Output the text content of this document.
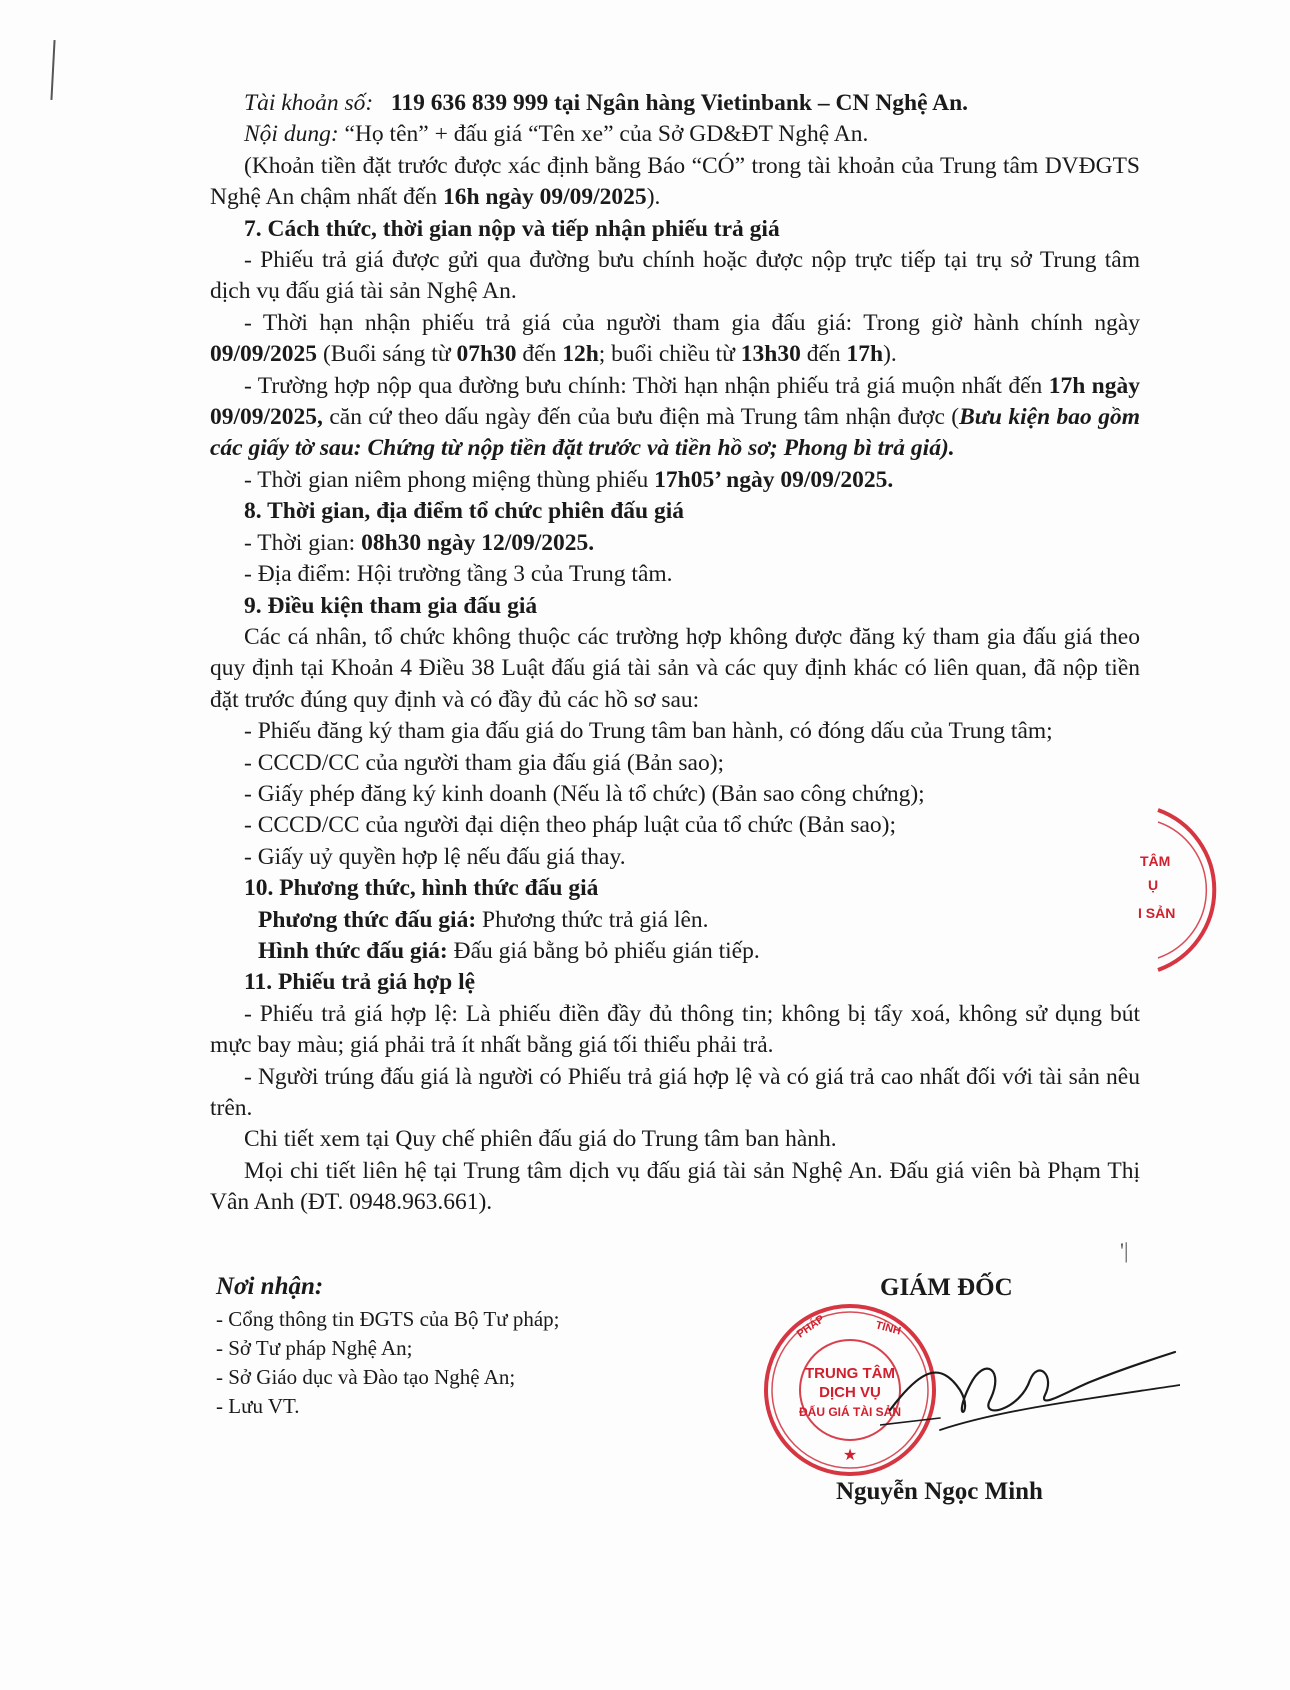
Tài khoản số: 119 636 839 999 tại Ngân hàng Vietinbank – CN Nghệ An.

Nội dung: “Họ tên” + đấu giá “Tên xe” của Sở GD&ĐT Nghệ An.

(Khoản tiền đặt trước được xác định bằng Báo “CÓ” trong tài khoản của Trung tâm DVĐGTS Nghệ An chậm nhất đến 16h ngày 09/09/2025).

7. Cách thức, thời gian nộp và tiếp nhận phiếu trả giá

- Phiếu trả giá được gửi qua đường bưu chính hoặc được nộp trực tiếp tại trụ sở Trung tâm dịch vụ đấu giá tài sản Nghệ An.

- Thời hạn nhận phiếu trả giá của người tham gia đấu giá: Trong giờ hành chính ngày 09/09/2025 (Buổi sáng từ 07h30 đến 12h; buổi chiều từ 13h30 đến 17h).

- Trường hợp nộp qua đường bưu chính: Thời hạn nhận phiếu trả giá muộn nhất đến 17h ngày 09/09/2025, căn cứ theo dấu ngày đến của bưu điện mà Trung tâm nhận được (Bưu kiện bao gồm các giấy tờ sau: Chứng từ nộp tiền đặt trước và tiền hồ sơ; Phong bì trả giá).

- Thời gian niêm phong miệng thùng phiếu 17h05’ ngày 09/09/2025.

8. Thời gian, địa điểm tổ chức phiên đấu giá

- Thời gian: 08h30 ngày 12/09/2025.

- Địa điểm: Hội trường tầng 3 của Trung tâm.

9. Điều kiện tham gia đấu giá

Các cá nhân, tổ chức không thuộc các trường hợp không được đăng ký tham gia đấu giá theo quy định tại Khoản 4 Điều 38 Luật đấu giá tài sản và các quy định khác có liên quan, đã nộp tiền đặt trước đúng quy định và có đầy đủ các hồ sơ sau:

- Phiếu đăng ký tham gia đấu giá do Trung tâm ban hành, có đóng dấu của Trung tâm;

- CCCD/CC của người tham gia đấu giá (Bản sao);

- Giấy phép đăng ký kinh doanh (Nếu là tổ chức) (Bản sao công chứng);

- CCCD/CC của người đại diện theo pháp luật của tổ chức (Bản sao);

- Giấy uỷ quyền hợp lệ nếu đấu giá thay.

10. Phương thức, hình thức đấu giá

Phương thức đấu giá: Phương thức trả giá lên.

Hình thức đấu giá: Đấu giá bằng bỏ phiếu gián tiếp.

11. Phiếu trả giá hợp lệ

- Phiếu trả giá hợp lệ: Là phiếu điền đầy đủ thông tin; không bị tẩy xoá, không sử dụng bút mực bay màu; giá phải trả ít nhất bằng giá tối thiểu phải trả.

- Người trúng đấu giá là người có Phiếu trả giá hợp lệ và có giá trả cao nhất đối với tài sản nêu trên.

Chi tiết xem tại Quy chế phiên đấu giá do Trung tâm ban hành.

Mọi chi tiết liên hệ tại Trung tâm dịch vụ đấu giá tài sản Nghệ An. Đấu giá viên bà Phạm Thị Vân Anh (ĐT. 0948.963.661).

'|
Nơi nhận:
- Cổng thông tin ĐGTS của Bộ Tư pháp;
- Sở Tư pháp Nghệ An;
- Sở Giáo dục và Đào tạo Nghệ An;
- Lưu VT.
GIÁM ĐỐC
Nguyễn Ngọc Minh
TRUNG TÂM
DỊCH VỤ
ĐẤU GIÁ TÀI SẢN
★
PHÁP	TỈNH
TÂM
Ụ
I SẢN
